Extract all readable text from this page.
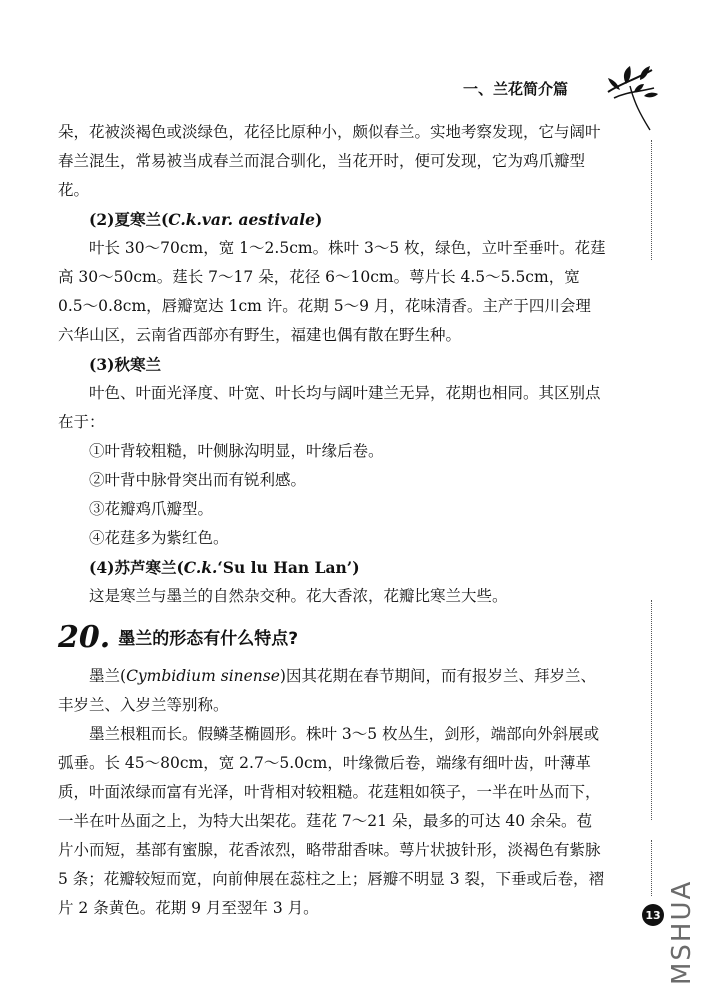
一、兰花简介篇

朵，花被淡褐色或淡绿色，花径比原种小，颇似春兰。实地考察发现，它与阔叶春兰混生，常易被当成春兰而混合驯化，当花开时，便可发现，它为鸡爪瓣型花。

(2)夏寒兰(C.k.var. aestivale)

叶长 30～70cm，宽 1～2.5cm。株叶 3～5 枚，绿色，立叶至垂叶。花莛高 30～50cm。莛长 7～17 朵，花径 6～10cm。萼片长 4.5～5.5cm，宽 0.5～0.8cm，唇瓣宽达 1cm 许。花期 5～9 月，花味清香。主产于四川会理六华山区，云南省西部亦有野生，福建也偶有散在野生种。

(3)秋寒兰

叶色、叶面光泽度、叶宽、叶长均与阔叶建兰无异，花期也相同。其区别点在于：

①叶背较粗糙，叶侧脉沟明显，叶缘后卷。

②叶背中脉骨突出而有锐利感。

③花瓣鸡爪瓣型。

④花莛多为紫红色。

(4)苏芦寒兰(C.k.‘Su lu Han Lan’)

这是寒兰与墨兰的自然杂交种。花大香浓，花瓣比寒兰大些。

20. 墨兰的形态有什么特点?

墨兰(Cymbidium sinense)因其花期在春节期间，而有报岁兰、拜岁兰、丰岁兰、入岁兰等别称。

墨兰根粗而长。假鳞茎椭圆形。株叶 3～5 枚丛生，剑形，端部向外斜展或弧垂。长 45～80cm，宽 2.7～5.0cm，叶缘微后卷，端缘有细叶齿，叶薄革质，叶面浓绿而富有光泽，叶背相对较粗糙。花莛粗如筷子，一半在叶丛而下，一半在叶丛面之上，为特大出架花。莛花 7～21 朵，最多的可达 40 余朵。苞片小而短，基部有蜜腺，花香浓烈，略带甜香味。萼片状披针形，淡褐色有紫脉 5 条；花瓣较短而宽，向前伸展在蕊柱之上；唇瓣不明显 3 裂，下垂或后卷，褶片 2 条黄色。花期 9 月至翌年 3 月。	13 MSHUA
